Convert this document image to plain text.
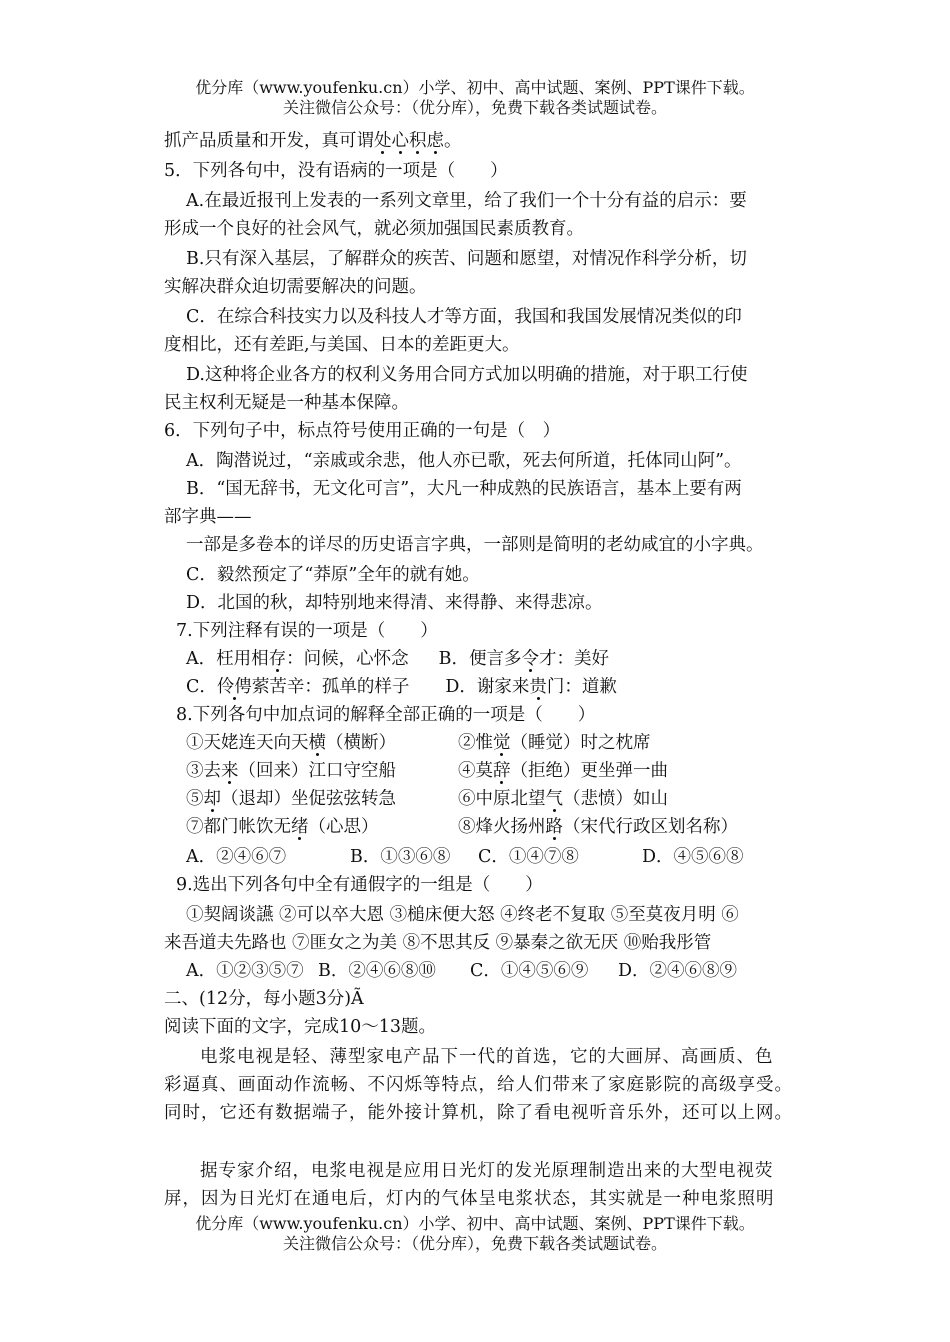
优分库（www.youfenku.cn）小学、初中、高中试题、案例、PPT课件下载。
关注微信公众号：（优分库），免费下载各类试题试卷。
抓产品质量和开发，真可谓处心积虑。
5．下列各句中，没有语病的一项是（　　）
A.在最近报刊上发表的一系列文章里，给了我们一个十分有益的启示：要
形成一个良好的社会风气，就必须加强国民素质教育。
B.只有深入基层，了解群众的疾苦、问题和愿望，对情况作科学分析，切
实解决群众迫切需要解决的问题。
C．在综合科技实力以及科技人才等方面，我国和我国发展情况类似的印
度相比，还有差距,与美国、日本的差距更大。
D.这种将企业各方的权利义务用合同方式加以明确的措施，对于职工行使
民主权利无疑是一种基本保障。
6．下列句子中，标点符号使用正确的一句是（　）
A．陶潜说过，“亲戚或余悲，他人亦已歌，死去何所道，托体同山阿”。
B．“国无辞书，无文化可言”，大凡一种成熟的民族语言，基本上要有两
部字典——
一部是多卷本的详尽的历史语言字典，一部则是简明的老幼咸宜的小字典。
C．毅然预定了“莽原”全年的就有她。
D．北国的秋，却特别地来得清、来得静、来得悲凉。
7.下列注释有误的一项是（　　）
A．枉用相存：问候，心怀念 B．便言多令才：美好
C．伶俜萦苦辛：孤单的样子 D．谢家来贵门：道歉
8.下列各句中加点词的解释全部正确的一项是（　　）
①天姥连天向天横（横断）	②惟觉（睡觉）时之枕席
③去来（回来）江口守空船	④莫辞（拒绝）更坐弹一曲
⑤却（退却）坐促弦弦转急	⑥中原北望气（悲愤）如山
⑦都门帐饮无绪（心思）	⑧烽火扬州路（宋代行政区划名称）
A．②④⑥⑦	B．①③⑥⑧ C．①④⑦⑧	D．④⑤⑥⑧
9.选出下列各句中全有通假字的一组是（　　）
①契阔谈讌 ②可以卒大恩 ③槌床便大怒 ④终老不复取 ⑤至莫夜月明 ⑥
来吾道夫先路也 ⑦匪女之为美 ⑧不思其反 ⑨暴秦之欲无厌 ⑩贻我彤管
A．①②③⑤⑦ B．②④⑥⑧⑩ C．①④⑤⑥⑨ D．②④⑥⑧⑨
二、(12分，每小题3分)Ã
阅读下面的文字，完成10～13题。
电浆电视是轻、薄型家电产品下一代的首选，它的大画屏、高画质、色
彩逼真、画面动作流畅、不闪烁等特点，给人们带来了家庭影院的高级享受。
同时，它还有数据端子，能外接计算机，除了看电视听音乐外，还可以上网。
据专家介绍，电浆电视是应用日光灯的发光原理制造出来的大型电视荧
屏，因为日光灯在通电后，灯内的气体呈电浆状态，其实就是一种电浆照明
优分库（www.youfenku.cn）小学、初中、高中试题、案例、PPT课件下载。
关注微信公众号：（优分库），免费下载各类试题试卷。
